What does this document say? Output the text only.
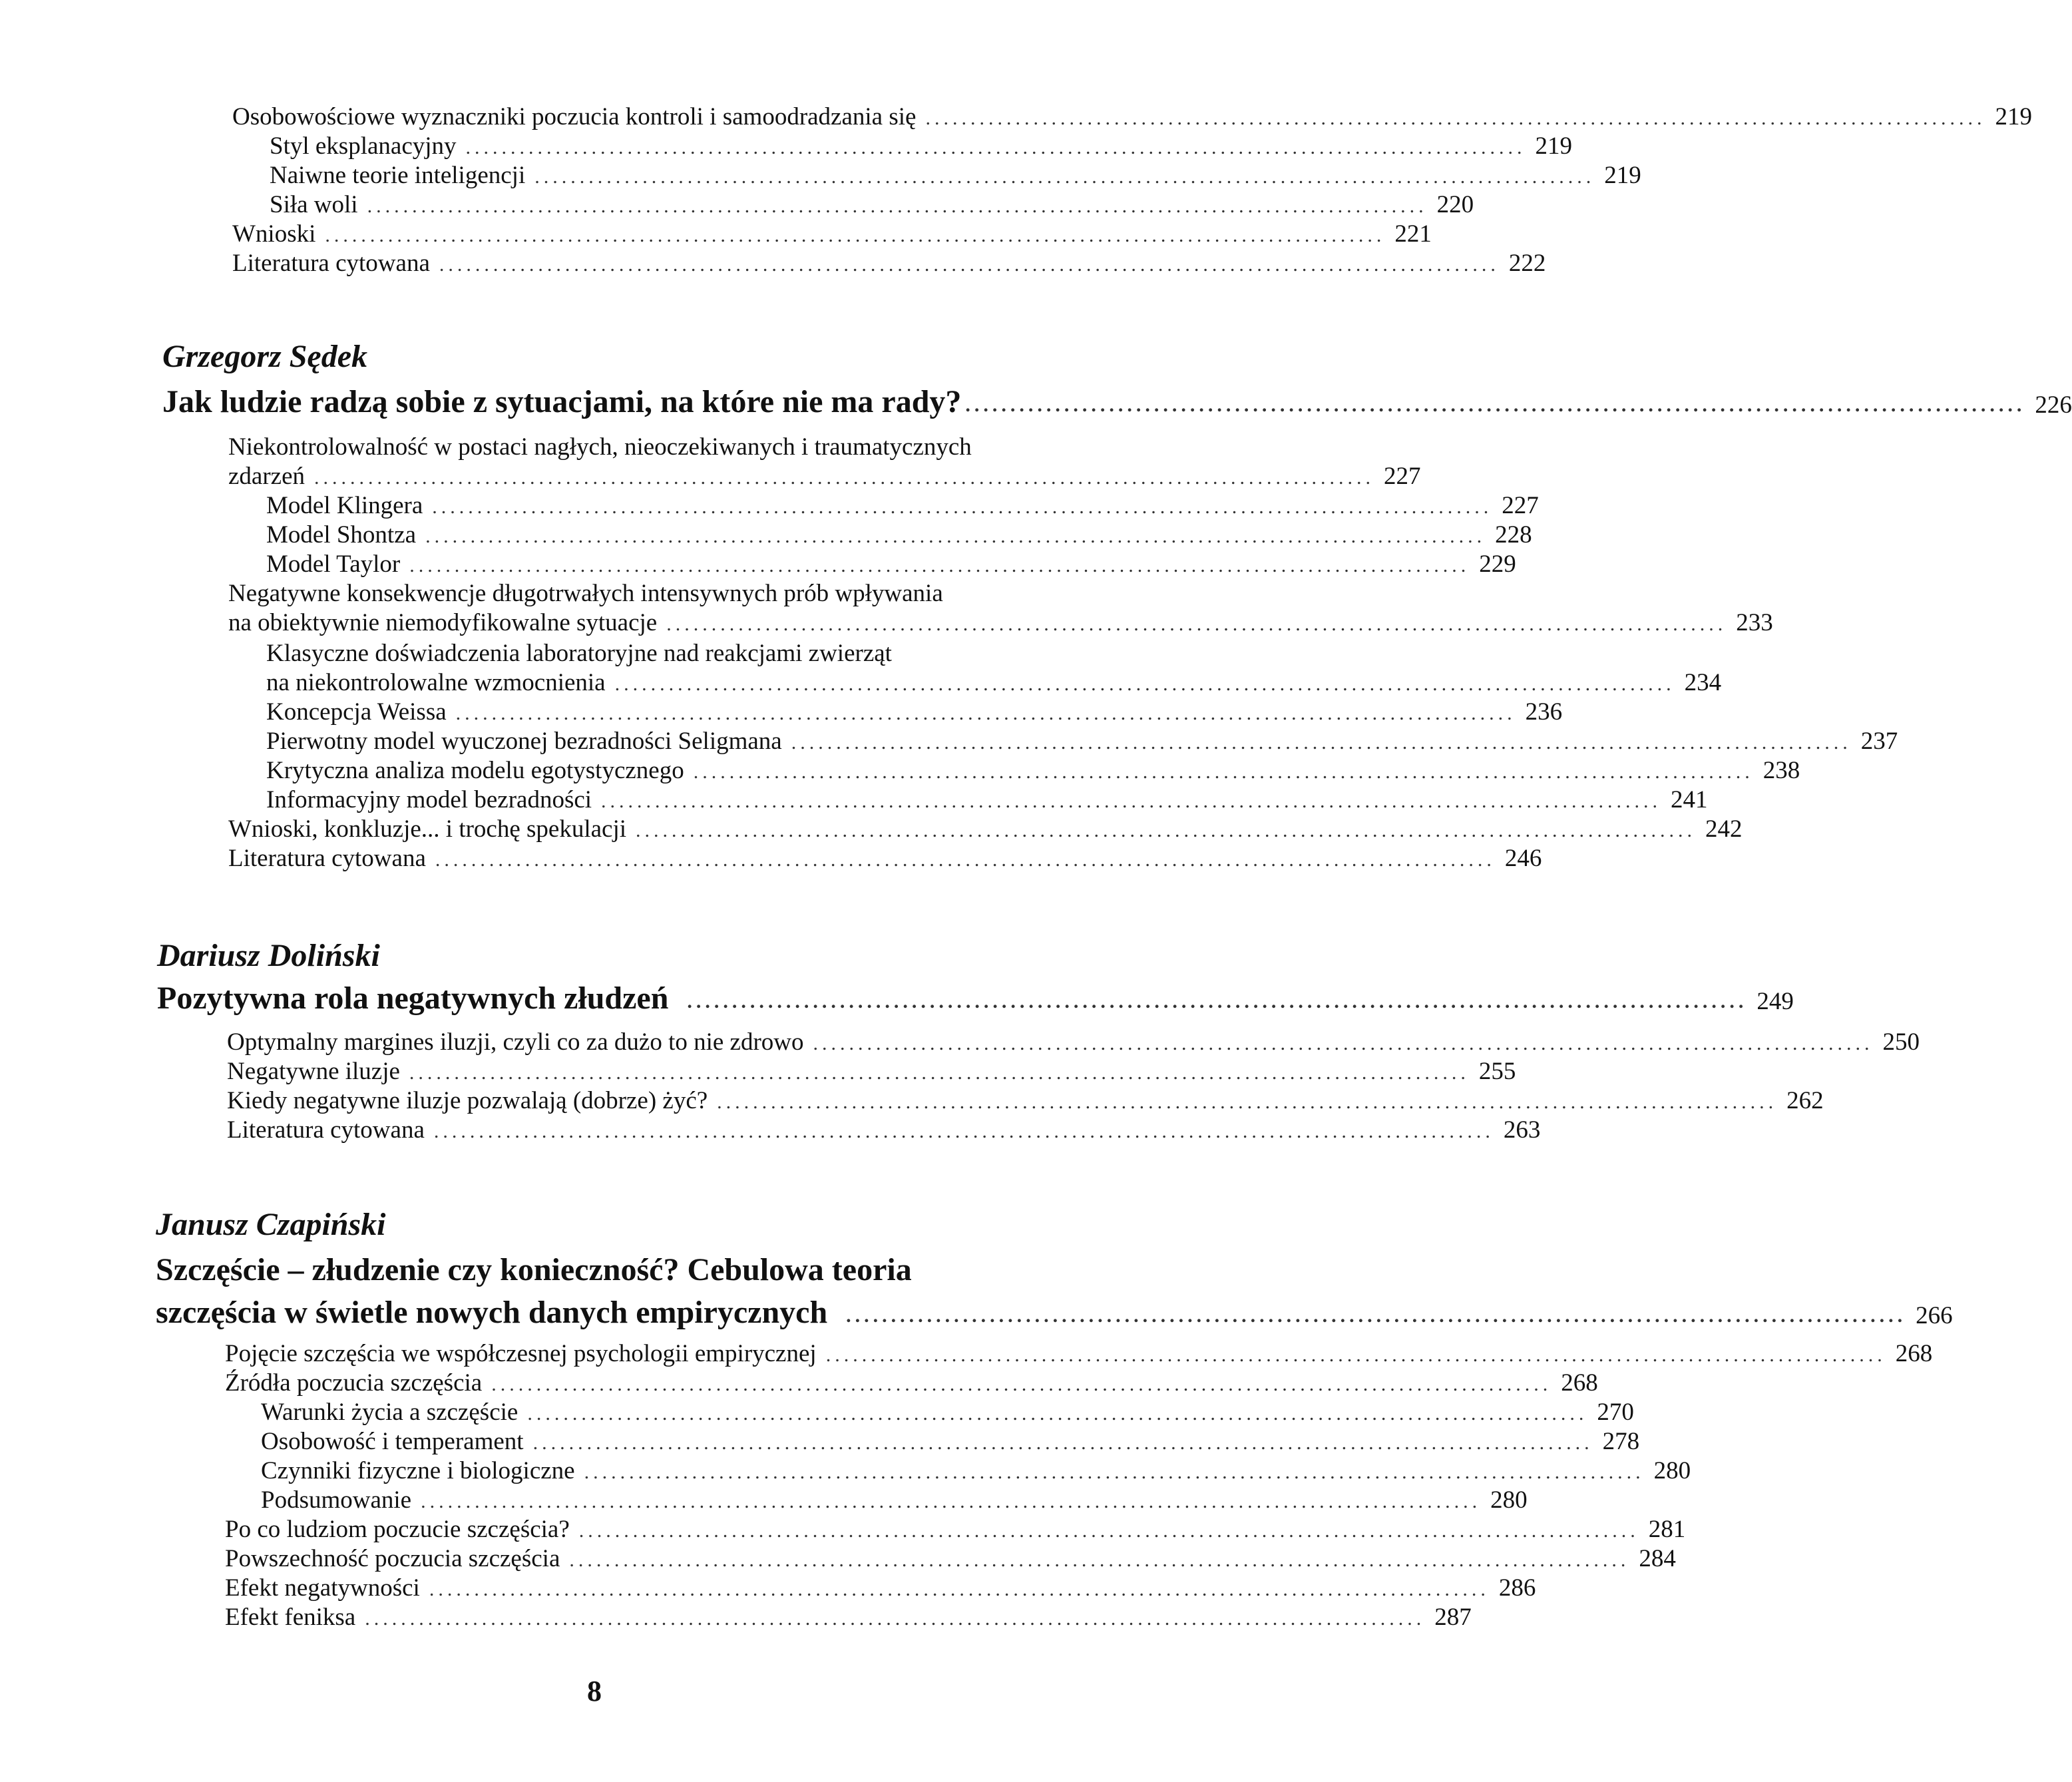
Osobowościowe wyznaczniki poczucia kontroli i samoodradzania się ...................................................................................................................... 219
Styl eksplanacyjny ...................................................................................................................... 219
Naiwne teorie inteligencji ...................................................................................................................... 219
Siła woli ...................................................................................................................... 220
Wnioski ...................................................................................................................... 221
Literatura cytowana ...................................................................................................................... 222
Grzegorz Sędek
Jak ludzie radzą sobie z sytuacjami, na które nie ma rady? ...................................................................................................................... 226
Niekontrolowalność w postaci nagłych, nieoczekiwanych i traumatycznych
zdarzeń ...................................................................................................................... 227
Model Klingera ...................................................................................................................... 227
Model Shontza ...................................................................................................................... 228
Model Taylor ...................................................................................................................... 229
Negatywne konsekwencje długotrwałych intensywnych prób wpływania
na obiektywnie niemodyfikowalne sytuacje ...................................................................................................................... 233
Klasyczne doświadczenia laboratoryjne nad reakcjami zwierząt
na niekontrolowalne wzmocnienia ...................................................................................................................... 234
Koncepcja Weissa ...................................................................................................................... 236
Pierwotny model wyuczonej bezradności Seligmana ...................................................................................................................... 237
Krytyczna analiza modelu egotystycznego ...................................................................................................................... 238
Informacyjny model bezradności ...................................................................................................................... 241
Wnioski, konkluzje... i trochę spekulacji ...................................................................................................................... 242
Literatura cytowana ...................................................................................................................... 246
Dariusz Doliński
Pozytywna rola negatywnych złudzeń ...................................................................................................................... 249
Optymalny margines iluzji, czyli co za dużo to nie zdrowo ...................................................................................................................... 250
Negatywne iluzje ...................................................................................................................... 255
Kiedy negatywne iluzje pozwalają (dobrze) żyć? ...................................................................................................................... 262
Literatura cytowana ...................................................................................................................... 263
Janusz Czapiński
Szczęście – złudzenie czy konieczność? Cebulowa teoria
szczęścia w świetle nowych danych empirycznych ...................................................................................................................... 266
Pojęcie szczęścia we współczesnej psychologii empirycznej ...................................................................................................................... 268
Źródła poczucia szczęścia ...................................................................................................................... 268
Warunki życia a szczęście ...................................................................................................................... 270
Osobowość i temperament ...................................................................................................................... 278
Czynniki fizyczne i biologiczne ...................................................................................................................... 280
Podsumowanie ...................................................................................................................... 280
Po co ludziom poczucie szczęścia? ...................................................................................................................... 281
Powszechność poczucia szczęścia ...................................................................................................................... 284
Efekt negatywności ...................................................................................................................... 286
Efekt feniksa ...................................................................................................................... 287
8
